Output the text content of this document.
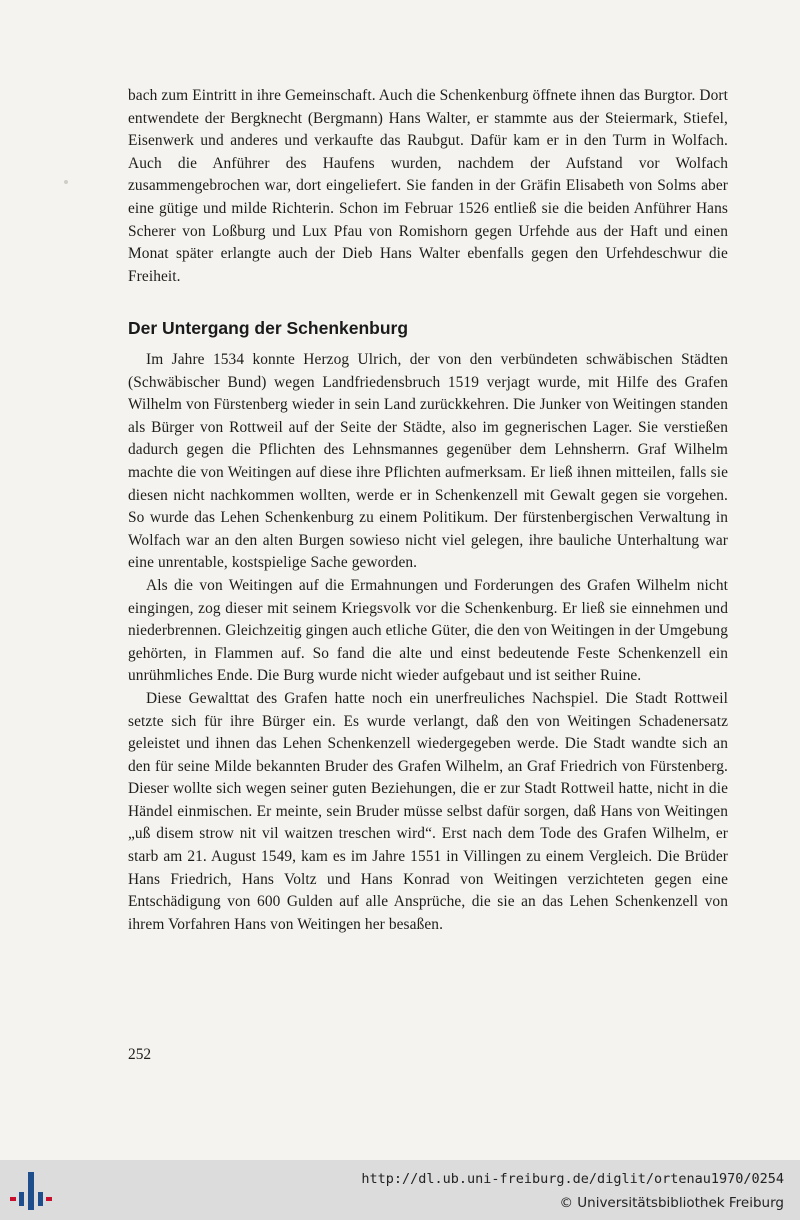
bach zum Eintritt in ihre Gemeinschaft. Auch die Schenkenburg öffnete ihnen das Burgtor. Dort entwendete der Bergknecht (Bergmann) Hans Walter, er stammte aus der Steiermark, Stiefel, Eisenwerk und anderes und verkaufte das Raubgut. Dafür kam er in den Turm in Wolfach. Auch die Anführer des Haufens wurden, nachdem der Aufstand vor Wolfach zusammengebrochen war, dort eingeliefert. Sie fanden in der Gräfin Elisabeth von Solms aber eine gütige und milde Richterin. Schon im Februar 1526 entließ sie die beiden Anführer Hans Scherer von Loßburg und Lux Pfau von Romishorn gegen Urfehde aus der Haft und einen Monat später erlangte auch der Dieb Hans Walter ebenfalls gegen den Urfehdeschwur die Freiheit.

Der Untergang der Schenkenburg

Im Jahre 1534 konnte Herzog Ulrich, der von den verbündeten schwäbischen Städten (Schwäbischer Bund) wegen Landfriedensbruch 1519 verjagt wurde, mit Hilfe des Grafen Wilhelm von Fürstenberg wieder in sein Land zurückkehren. Die Junker von Weitingen standen als Bürger von Rottweil auf der Seite der Städte, also im gegnerischen Lager. Sie verstießen dadurch gegen die Pflichten des Lehnsmannes gegenüber dem Lehnsherrn. Graf Wilhelm machte die von Weitingen auf diese ihre Pflichten aufmerksam. Er ließ ihnen mitteilen, falls sie diesen nicht nachkommen wollten, werde er in Schenkenzell mit Gewalt gegen sie vorgehen. So wurde das Lehen Schenkenburg zu einem Politikum. Der fürstenbergischen Verwaltung in Wolfach war an den alten Burgen sowieso nicht viel gelegen, ihre bauliche Unterhaltung war eine unrentable, kostspielige Sache geworden.

Als die von Weitingen auf die Ermahnungen und Forderungen des Grafen Wilhelm nicht eingingen, zog dieser mit seinem Kriegsvolk vor die Schenkenburg. Er ließ sie einnehmen und niederbrennen. Gleichzeitig gingen auch etliche Güter, die den von Weitingen in der Umgebung gehörten, in Flammen auf. So fand die alte und einst bedeutende Feste Schenkenzell ein unrühmliches Ende. Die Burg wurde nicht wieder aufgebaut und ist seither Ruine.

Diese Gewalttat des Grafen hatte noch ein unerfreuliches Nachspiel. Die Stadt Rottweil setzte sich für ihre Bürger ein. Es wurde verlangt, daß den von Weitingen Schadenersatz geleistet und ihnen das Lehen Schenkenzell wiedergegeben werde. Die Stadt wandte sich an den für seine Milde bekannten Bruder des Grafen Wilhelm, an Graf Friedrich von Fürstenberg. Dieser wollte sich wegen seiner guten Beziehungen, die er zur Stadt Rottweil hatte, nicht in die Händel einmischen. Er meinte, sein Bruder müsse selbst dafür sorgen, daß Hans von Weitingen „uß disem strow nit vil waitzen treschen wird“. Erst nach dem Tode des Grafen Wilhelm, er starb am 21. August 1549, kam es im Jahre 1551 in Villingen zu einem Vergleich. Die Brüder Hans Friedrich, Hans Voltz und Hans Konrad von Weitingen verzichteten gegen eine Entschädigung von 600 Gulden auf alle Ansprüche, die sie an das Lehen Schenkenzell von ihrem Vorfahren Hans von Weitingen her besaßen.

252
http://dl.ub.uni-freiburg.de/diglit/ortenau1970/0254
© Universitätsbibliothek Freiburg
